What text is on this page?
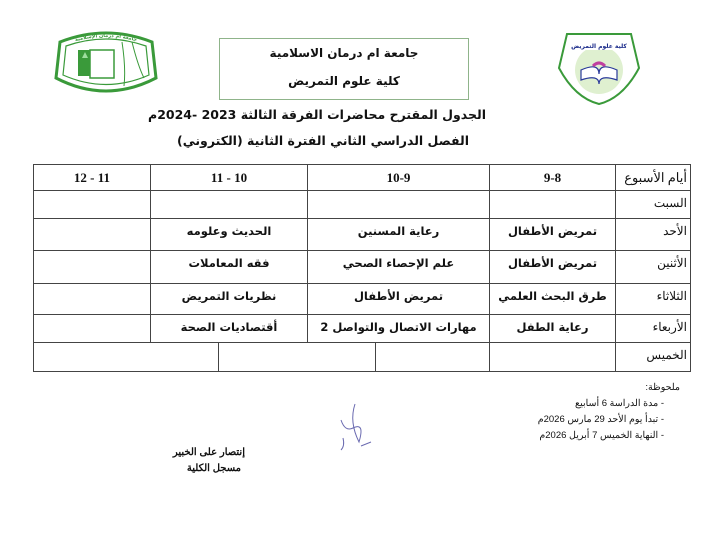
جامعة أم درمان الإسلامية
جامعة ام درمان الاسلامية
كلية علوم التمريض
كلية علوم التمريض
الجدول المقترح محاضرات الفرقة الثالثة 2023 -2024م
الفصل الدراسي الثاني الفترة الثانية (الكتروني)
أيام الأسبوع	9-8	10-9	10 - 11	11 - 12
السبت				
الأحد	تمريض الأطفال	رعاية المسنين	الحديث وعلومه	
الأثنين	تمريض الأطفال	علم الإحصاء الصحي	فقه المعاملات	
الثلاثاء	طرق البحث العلمي	تمريض الأطفال	نظريات التمريض	
الأربعاء	رعاية الطفل	مهارات الاتصال والتواصل 2	أقتصاديات الصحة	
الخميس				
ملحوظة:
- مدة الدراسة 6 أسابيع
- تبدأ يوم الأحد 29 مارس 2026م
- النهاية الخميس 7 أبريل 2026م
إنتصار على الخبير
مسجل الكلية
